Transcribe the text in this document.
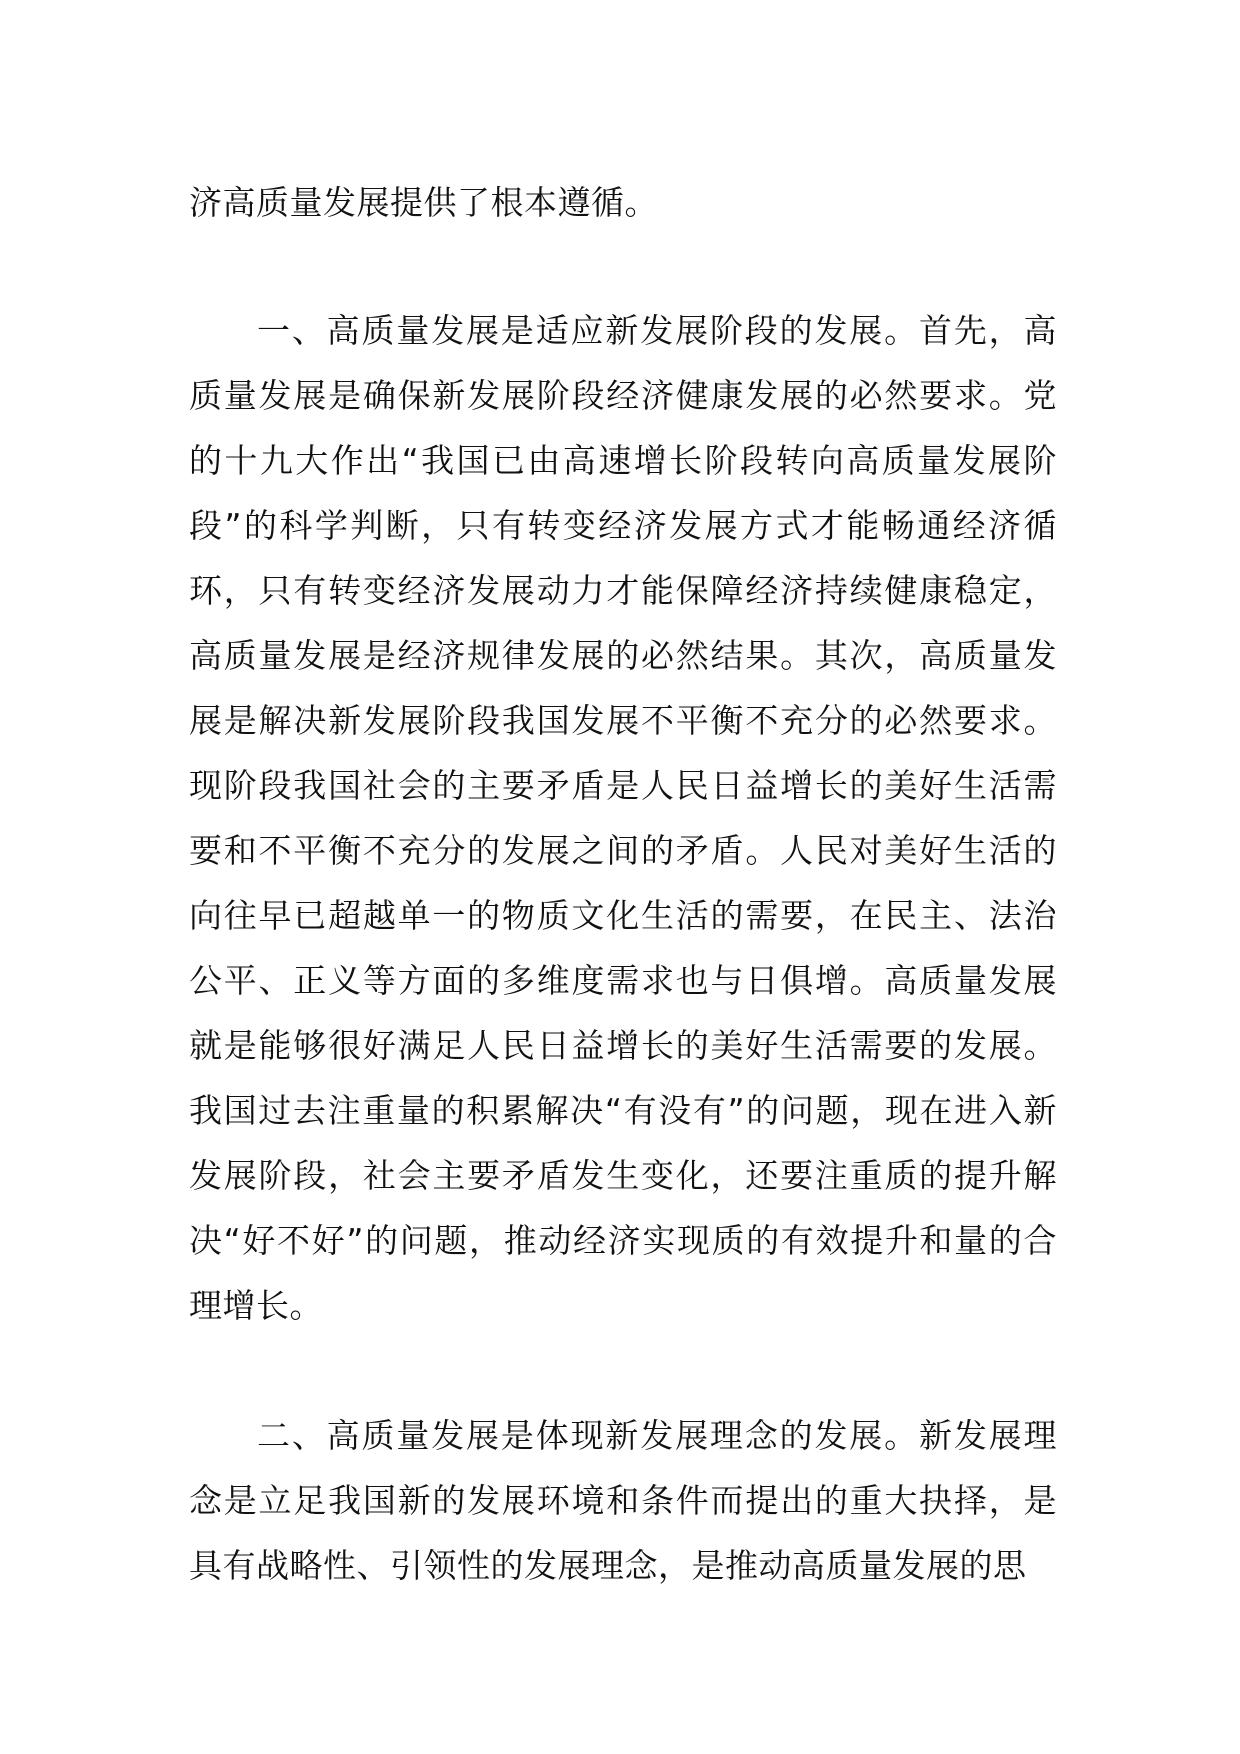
济高质量发展提供了根本遵循。

一、高质量发展是适应新发展阶段的发展。首先，高质量发展是确保新发展阶段经济健康发展的必然要求。党的十九大作出“我国已由高速增长阶段转向高质量发展阶段”的科学判断，只有转变经济发展方式才能畅通经济循环，只有转变经济发展动力才能保障经济持续健康稳定，高质量发展是经济规律发展的必然结果。其次，高质量发展是解决新发展阶段我国发展不平衡不充分的必然要求。现阶段我国社会的主要矛盾是人民日益增长的美好生活需要和不平衡不充分的发展之间的矛盾。人民对美好生活的向往早已超越单一的物质文化生活的需要，在民主、法治公平、正义等方面的多维度需求也与日俱增。高质量发展就是能够很好满足人民日益增长的美好生活需要的发展。我国过去注重量的积累解决“有没有”的问题，现在进入新发展阶段，社会主要矛盾发生变化，还要注重质的提升解决“好不好”的问题，推动经济实现质的有效提升和量的合理增长。

二、高质量发展是体现新发展理念的发展。新发展理念是立足我国新的发展环境和条件而提出的重大抉择，是具有战略性、引领性的发展理念，是推动高质量发展的思
